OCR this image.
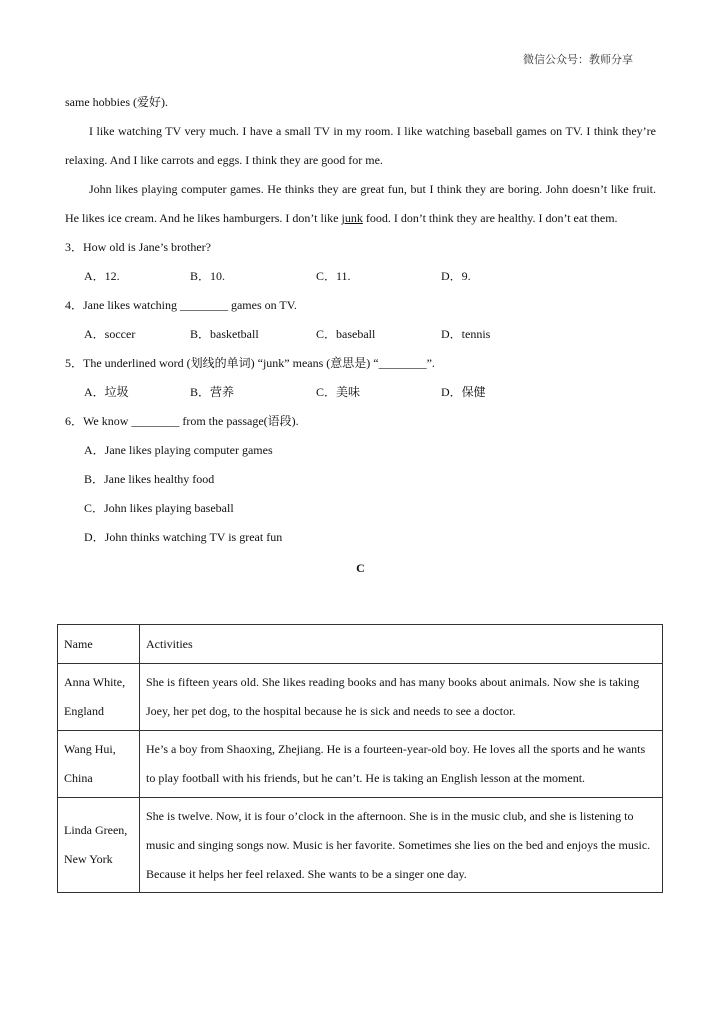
微信公众号：教师分享
same hobbies (爱好).

I like watching TV very much. I have a small TV in my room. I like watching baseball games on TV. I think they’re relaxing. And I like carrots and eggs. I think they are good for me.

John likes playing computer games. He thinks they are great fun, but I think they are boring. John doesn’t like fruit. He likes ice cream. And he likes hamburgers. I don’t like junk food. I don’t think they are healthy. I don’t eat them.

3．How old is Jane’s brother?
A．12.	B．10.	C．11.	D．9.
4．Jane likes watching ________ games on TV.
A．soccer	B．basketball	C．baseball	D．tennis
5．The underlined word (划线的单词) “junk” means (意思是) “________”.
A．垃圾	B．营养	C．美味	D．保健
6．We know ________ from the passage(语段).
A．Jane likes playing computer games
B．Jane likes healthy food
C．John likes playing baseball
D．John thinks watching TV is great fun
C
Name	Activities
Anna White,
England	She is fifteen years old. She likes reading books and has many books about animals. Now she is taking Joey, her pet dog, to the hospital because he is sick and needs to see a doctor.
Wang Hui,
China	He’s a boy from Shaoxing, Zhejiang. He is a fourteen-year-old boy. He loves all the sports and he wants to play football with his friends, but he can’t. He is taking an English lesson at the moment.
Linda Green,
New York	She is twelve. Now, it is four o’clock in the afternoon. She is in the music club, and she is listening to music and singing songs now. Music is her favorite. Sometimes she lies on the bed and enjoys the music. Because it helps her feel relaxed. She wants to be a singer one day.
